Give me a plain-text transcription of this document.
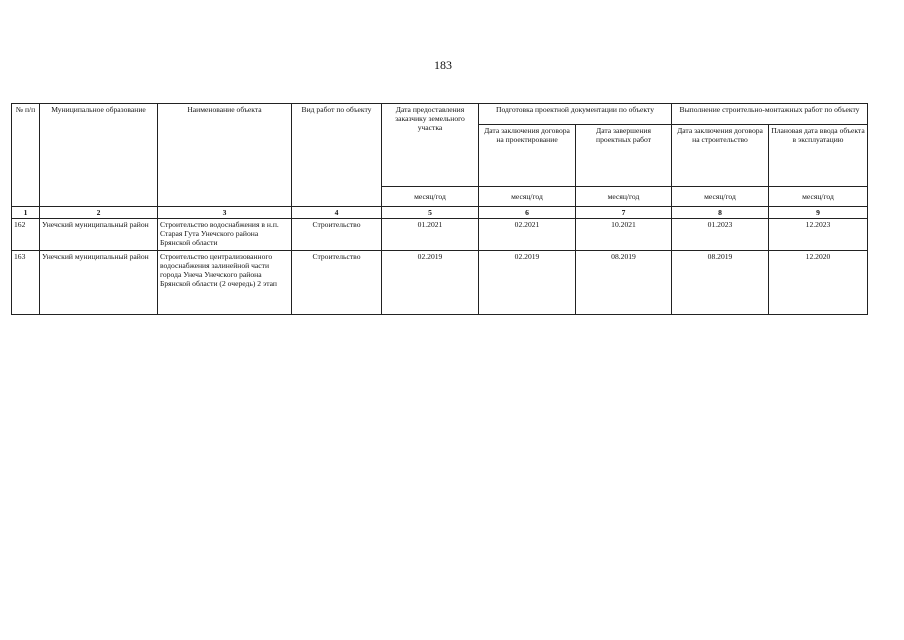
183
№ п/п	Муниципальное образование	Наименование объекта	Вид работ по объекту	Дата предоставления заказчику земельного участка	Подготовка проектной документации по объекту		Выполнение строительно-монтажных работ по объекту	
					Дата заключения договора на проектирование	Дата завершения проектных работ	Дата заключения договора на строительство	Плановая дата ввода объекта в эксплуатацию
				месяц/год	месяц/год	месяц/год	месяц/год	месяц/год
1	2	3	4	5	6	7	8	9
162	Унечский муниципальный район	Строительство водоснабжения в н.п. Старая Гута Унечского района Брянской области	Строительство	01.2021	02.2021	10.2021	01.2023	12.2023
163	Унечский муниципальный район	Строительство централизованного водоснабжения залинейной части города Унеча Унечского района Брянской области (2 очередь) 2 этап	Строительство	02.2019	02.2019	08.2019	08.2019	12.2020
